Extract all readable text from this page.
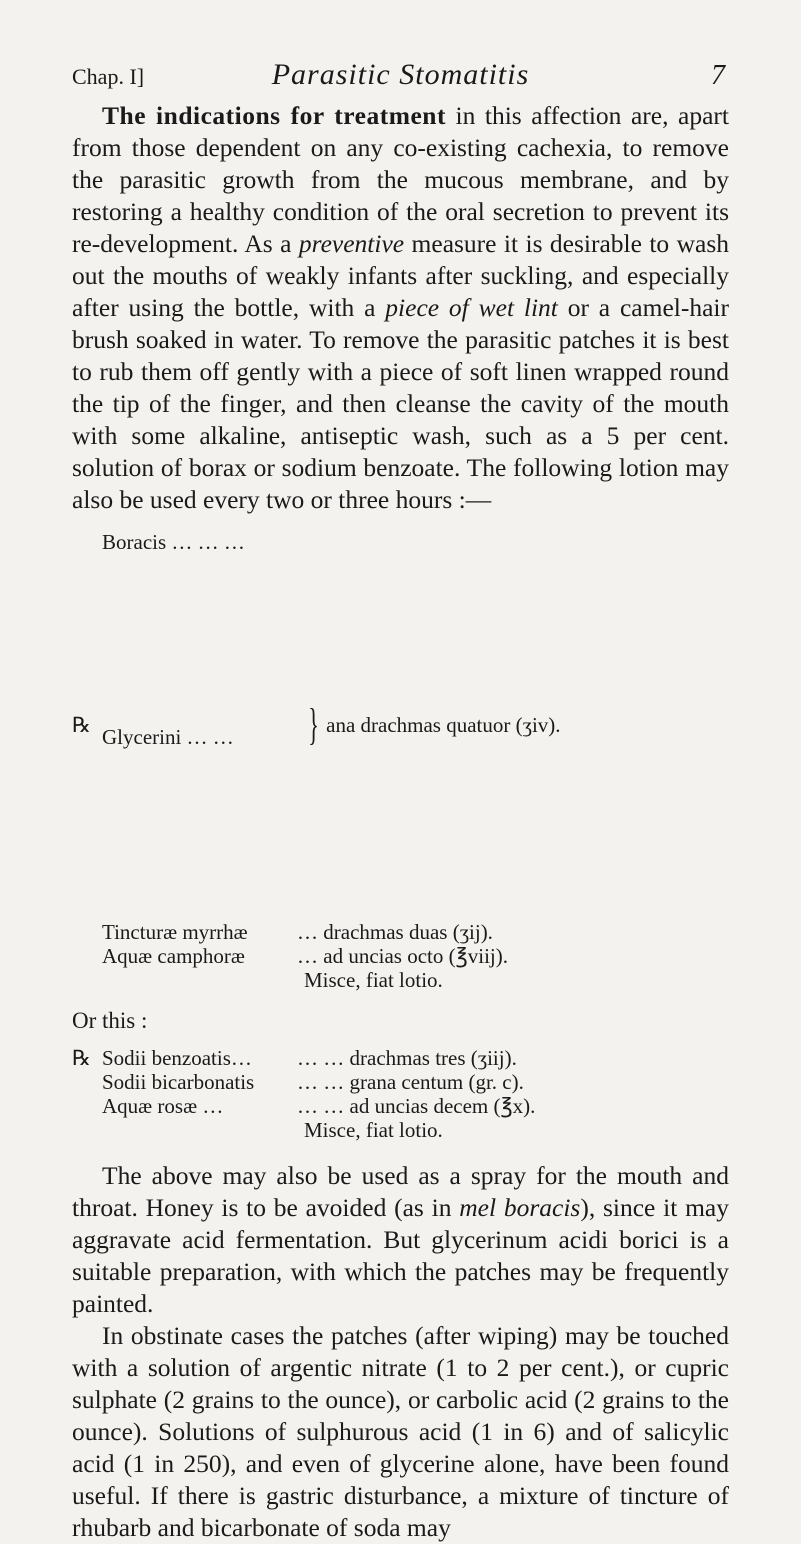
Chap. I]	Parasitic Stomatitis	7

The indications for treatment in this affection are, apart from those dependent on any co-existing cachexia, to remove the parasitic growth from the mucous membrane, and by restoring a healthy condition of the oral secretion to prevent its re-development. As a preventive measure it is desirable to wash out the mouths of weakly infants after suckling, and especially after using the bottle, with a piece of wet lint or a camel-hair brush soaked in water. To remove the parasitic patches it is best to rub them off gently with a piece of soft linen wrapped round the tip of the finger, and then cleanse the cavity of the mouth with some alkaline, antiseptic wash, such as a 5 per cent. solution of borax or sodium benzoate. The following lotion may also be used every two or three hours :—

℞
Boracis … … …
Glycerini … …	} ana drachmas quatuor (ʒiv).
Tincturæ myrrhæ	… drachmas duas (ʒij).
Aquæ camphoræ	… ad uncias octo (℥viij).
Misce, fiat lotio.
Or this :
℞ Sodii benzoatis…	… … drachmas tres (ʒiij).
Sodii bicarbonatis	… … grana centum (gr. c).
Aquæ rosæ …	… … ad uncias decem (℥x).
Misce, fiat lotio.

The above may also be used as a spray for the mouth and throat. Honey is to be avoided (as in mel boracis), since it may aggravate acid fermentation. But glycerinum acidi borici is a suitable preparation, with which the patches may be frequently painted.

In obstinate cases the patches (after wiping) may be touched with a solution of argentic nitrate (1 to 2 per cent.), or cupric sulphate (2 grains to the ounce), or carbolic acid (2 grains to the ounce). Solutions of sulphurous acid (1 in 6) and of salicylic acid (1 in 250), and even of glycerine alone, have been found useful. If there is gastric disturbance, a mixture of tincture of rhubarb and bicarbonate of soda may
